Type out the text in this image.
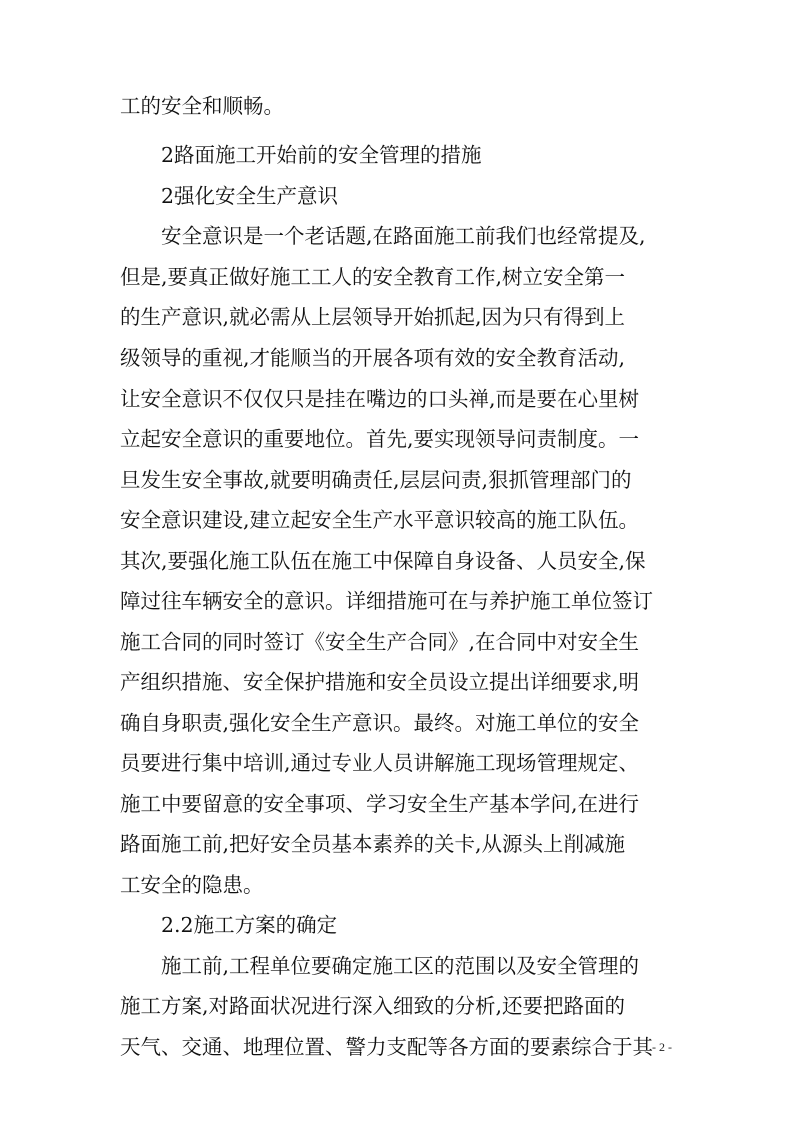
工的安全和顺畅。
2路面施工开始前的安全管理的措施
2强化安全生产意识
安全意识是一个老话题,在路面施工前我们也经常提及,
但是,要真正做好施工工人的安全教育工作,树立安全第一
的生产意识,就必需从上层领导开始抓起,因为只有得到上
级领导的重视,才能顺当的开展各项有效的安全教育活动,
让安全意识不仅仅只是挂在嘴边的口头禅,而是要在心里树
立起安全意识的重要地位。首先,要实现领导问责制度。一
旦发生安全事故,就要明确责任,层层问责,狠抓管理部门的
安全意识建设,建立起安全生产水平意识较高的施工队伍。
其次,要强化施工队伍在施工中保障自身设备、人员安全,保
障过往车辆安全的意识。详细措施可在与养护施工单位签订
施工合同的同时签订《安全生产合同》,在合同中对安全生
产组织措施、安全保护措施和安全员设立提出详细要求,明
确自身职责,强化安全生产意识。最终。对施工单位的安全
员要进行集中培训,通过专业人员讲解施工现场管理规定、
施工中要留意的安全事项、学习安全生产基本学问,在进行
路面施工前,把好安全员基本素养的关卡,从源头上削减施
工安全的隐患。
2.2施工方案的确定
施工前,工程单位要确定施工区的范围以及安全管理的
施工方案,对路面状况进行深入细致的分析,还要把路面的
天气、交通、地理位置、警力支配等各方面的要素综合于其 - 2 -
